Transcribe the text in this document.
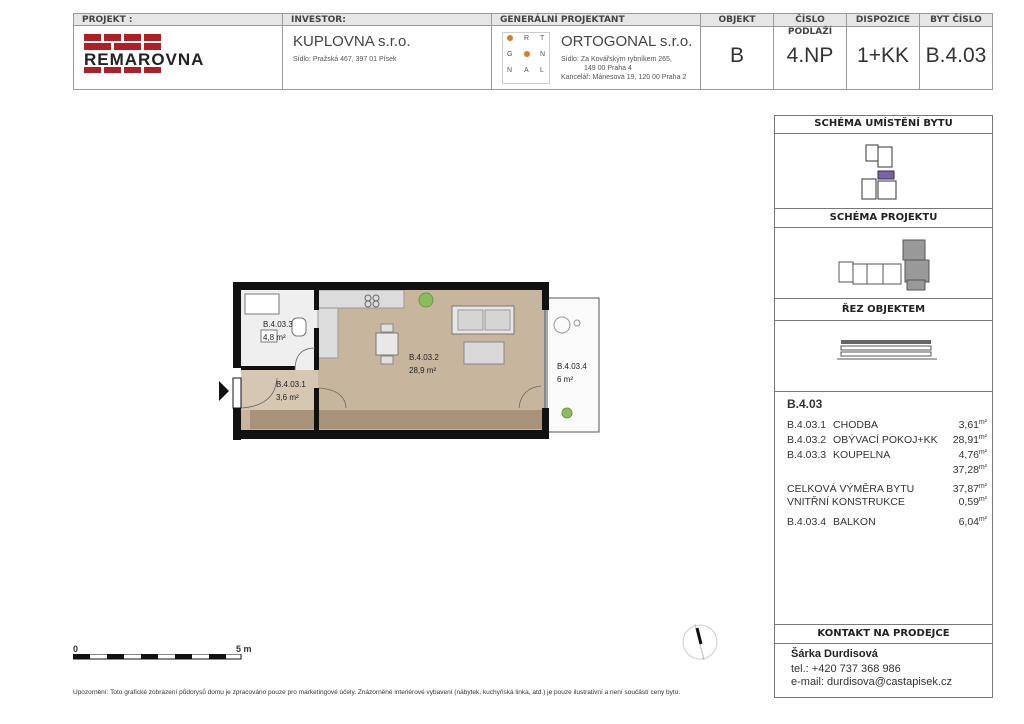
PROJEKT :	INVESTOR:
KUPLOVNA s.r.o.
Sídlo: Pražská 467, 397 01 Písek
GENERÁLNÍ PROJEKTANT
R T
G	N
N A L
ORTOGONAL s.r.o.
Sídlo: Za Kovářským rybníkem 265,
149 00 Praha 4
Kancelář: Mánesova 19, 120 00 Praha 2
OBJEKT
B
ČÍSLO PODLAŽÍ
4.NP
DISPOZICE
1+KK
BYT ČÍSLO
B.4.03
REMAROVNA
B.4.03.3
4,8 m²
B.4.03.2
28,9 m²
B.4.03.1
3,6 m²
B.4.03.4
6 m²
0	5 m
Upozornění: Toto grafické zobrazení půdorysů domu je zpracováno pouze pro marketingové účely. Znázorněné interiérové vybavení (nábytek, kuchyňská linka, atd.) je pouze ilustrativní a není součástí ceny bytu.
SCHÉMA UMÍSTĚNÍ BYTU
SCHÉMA PROJEKTU
ŘEZ OBJEKTEM
B.4.03
B.4.03.1 CHODBA	3,61 m²
B.4.03.2 OBÝVACÍ POKOJ+KK 28,91 m²
B.4.03.3 KOUPELNA	4,76 m²
37,28 m²
CELKOVÁ VÝMĚRA BYTU	37,87 m²
VNITŘNÍ KONSTRUKCE	0,59 m²
B.4.03.4 BALKON	6,04 m²
KONTAKT NA PRODEJCE
Šárka Durdisová
tel.: +420 737 368 986
e-mail: durdisova@castapisek.cz
